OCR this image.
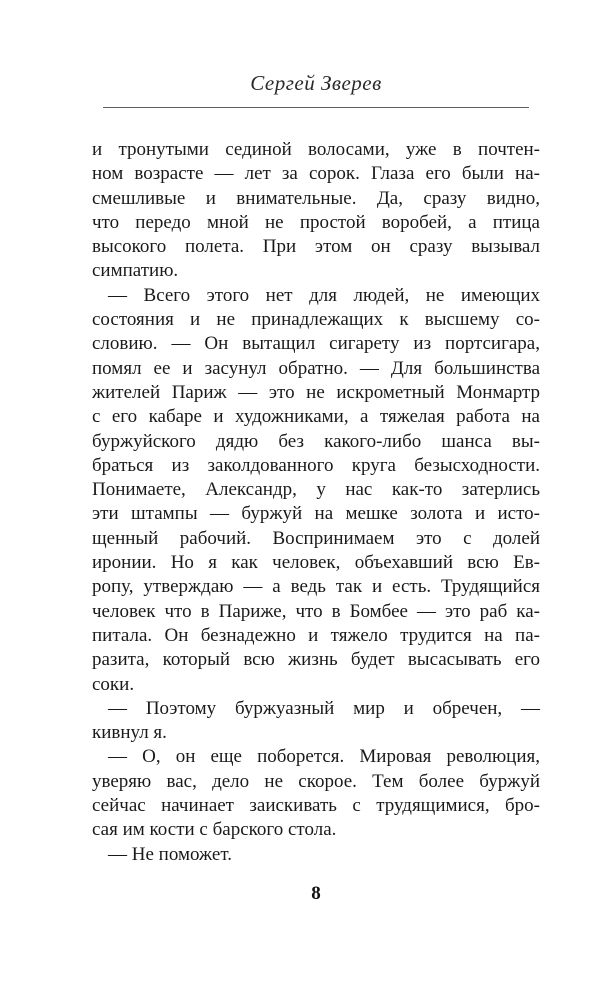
Сергей Зверев

и тронутыми сединой волосами, уже в почтен-
ном возрасте — лет за сорок. Глаза его были на-
смешливые и внимательные. Да, сразу видно,
что передо мной не простой воробей, а птица
высокого полета. При этом он сразу вызывал
симпатию.

— Всего этого нет для людей, не имеющих
состояния и не принадлежащих к высшему со-
словию. — Он вытащил сигарету из портсигара,
помял ее и засунул обратно. — Для большинства
жителей Париж — это не искрометный Монмартр
с его кабаре и художниками, а тяжелая работа на
буржуйского дядю без какого-либо шанса вы-
браться из заколдованного круга безысходности.
Понимаете, Александр, у нас как-то затерлись
эти штампы — буржуй на мешке золота и исто-
щенный рабочий. Воспринимаем это с долей
иронии. Но я как человек, объехавший всю Ев-
ропу, утверждаю — а ведь так и есть. Трудящийся
человек что в Париже, что в Бомбее — это раб ка-
питала. Он безнадежно и тяжело трудится на па-
разита, который всю жизнь будет высасывать его
соки.

— Поэтому буржуазный мир и обречен, —
кивнул я.

— О, он еще поборется. Мировая революция,
уверяю вас, дело не скорое. Тем более буржуй
сейчас начинает заискивать с трудящимися, бро-
сая им кости с барского стола.

— Не поможет.

8
